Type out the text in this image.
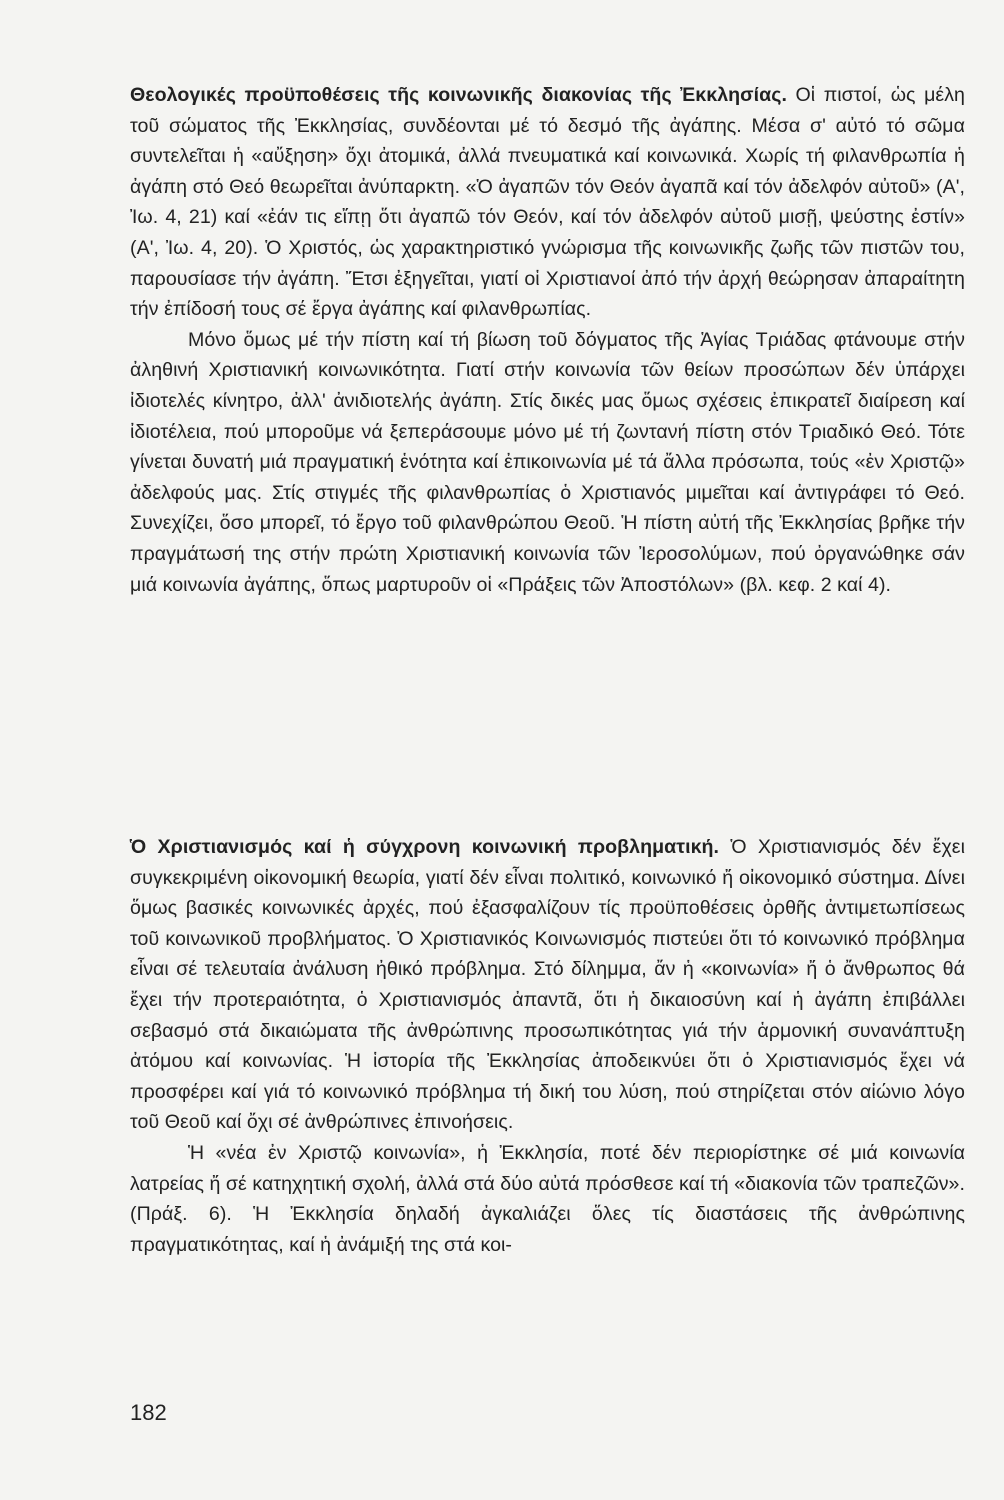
Θεολογικές προϋποθέσεις τῆς κοινωνικῆς διακονίας τῆς Ἐκκλησίας. Οἱ πιστοί, ὡς μέλη τοῦ σώματος τῆς Ἐκκλησίας, συνδέονται μέ τό δεσμό τῆς ἀγάπης. Μέσα σ' αὐτό τό σῶμα συντελεῖται ἡ «αὔξηση» ὄχι ἀτομικά, ἀλλά πνευματικά καί κοινωνικά. Χωρίς τή φιλανθρωπία ἡ ἀγάπη στό Θεό θεωρεῖται ἀνύπαρκτη. «Ὁ ἀγαπῶν τόν Θεόν ἀγαπᾶ καί τόν ἀδελφόν αὐτοῦ» (Α', Ἰω. 4, 21) καί «ἐάν τις εἴπῃ ὅτι ἀγαπῶ τόν Θεόν, καί τόν ἀδελφόν αὐτοῦ μισῇ, ψεύστης ἐστίν» (Α', Ἰω. 4, 20). Ὁ Χριστός, ὡς χαρακτηριστικό γνώρισμα τῆς κοινωνικῆς ζωῆς τῶν πιστῶν του, παρουσίασε τήν ἀγάπη. Ἔτσι ἐξηγεῖται, γιατί οἱ Χριστιανοί ἀπό τήν ἀρχή θεώρησαν ἀπαραίτητη τήν ἐπίδοσή τους σέ ἔργα ἀγάπης καί φιλανθρωπίας.

Μόνο ὅμως μέ τήν πίστη καί τή βίωση τοῦ δόγματος τῆς Ἁγίας Τριάδας φτάνουμε στήν ἀληθινή Χριστιανική κοινωνικότητα. Γιατί στήν κοινωνία τῶν θείων προσώπων δέν ὑπάρχει ἰδιοτελές κίνητρο, ἀλλ' ἀνιδιοτελής ἀγάπη. Στίς δικές μας ὅμως σχέσεις ἐπικρατεῖ διαίρεση καί ἰδιοτέλεια, πού μποροῦμε νά ξεπεράσουμε μόνο μέ τή ζωντανή πίστη στόν Τριαδικό Θεό. Τότε γίνεται δυνατή μιά πραγματική ἑνότητα καί ἐπικοινωνία μέ τά ἄλλα πρόσωπα, τούς «ἐν Χριστῷ» ἀδελφούς μας. Στίς στιγμές τῆς φιλανθρωπίας ὁ Χριστιανός μιμεῖται καί ἀντιγράφει τό Θεό. Συνεχίζει, ὅσο μπορεῖ, τό ἔργο τοῦ φιλανθρώπου Θεοῦ. Ἡ πίστη αὐτή τῆς Ἐκκλησίας βρῆκε τήν πραγμάτωσή της στήν πρώτη Χριστιανική κοινωνία τῶν Ἰεροσολύμων, πού ὀργανώθηκε σάν μιά κοινωνία ἀγάπης, ὅπως μαρτυροῦν οἱ «Πράξεις τῶν Ἀποστόλων» (βλ. κεφ. 2 καί 4).

Ὁ Χριστιανισμός καί ἡ σύγχρονη κοινωνική προβληματική. Ὁ Χριστιανισμός δέν ἔχει συγκεκριμένη οἰκονομική θεωρία, γιατί δέν εἶναι πολιτικό, κοινωνικό ἤ οἰκονομικό σύστημα. Δίνει ὅμως βασικές κοινωνικές ἀρχές, πού ἐξασφαλίζουν τίς προϋποθέσεις ὀρθῆς ἀντιμετωπίσεως τοῦ κοινωνικοῦ προβλήματος. Ὁ Χριστιανικός Κοινωνισμός πιστεύει ὅτι τό κοινωνικό πρόβλημα εἶναι σέ τελευταία ἀνάλυση ἠθικό πρόβλημα. Στό δίλημμα, ἄν ἡ «κοινωνία» ἤ ὁ ἄνθρωπος θά ἔχει τήν προτεραιότητα, ὁ Χριστιανισμός ἀπαντᾶ, ὅτι ἡ δικαιοσύνη καί ἡ ἀγάπη ἐπιβάλλει σεβασμό στά δικαιώματα τῆς ἀνθρώπινης προσωπικότητας γιά τήν ἁρμονική συνανάπτυξη ἀτόμου καί κοινωνίας. Ἡ ἱστορία τῆς Ἐκκλησίας ἀποδεικνύει ὅτι ὁ Χριστιανισμός ἔχει νά προσφέρει καί γιά τό κοινωνικό πρόβλημα τή δική του λύση, πού στηρίζεται στόν αἰώνιο λόγο τοῦ Θεοῦ καί ὄχι σέ ἀνθρώπινες ἐπινοήσεις.

Ἡ «νέα ἐν Χριστῷ κοινωνία», ἡ Ἐκκλησία, ποτέ δέν περιορίστηκε σέ μιά κοινωνία λατρείας ἤ σέ κατηχητική σχολή, ἀλλά στά δύο αὐτά πρόσθεσε καί τή «διακονία τῶν τραπεζῶν». (Πράξ. 6). Ἡ Ἐκκλησία δηλαδή ἀγκαλιάζει ὅλες τίς διαστάσεις τῆς ἀνθρώπινης πραγματικότητας, καί ἡ ἀνάμιξή της στά κοι-

182
